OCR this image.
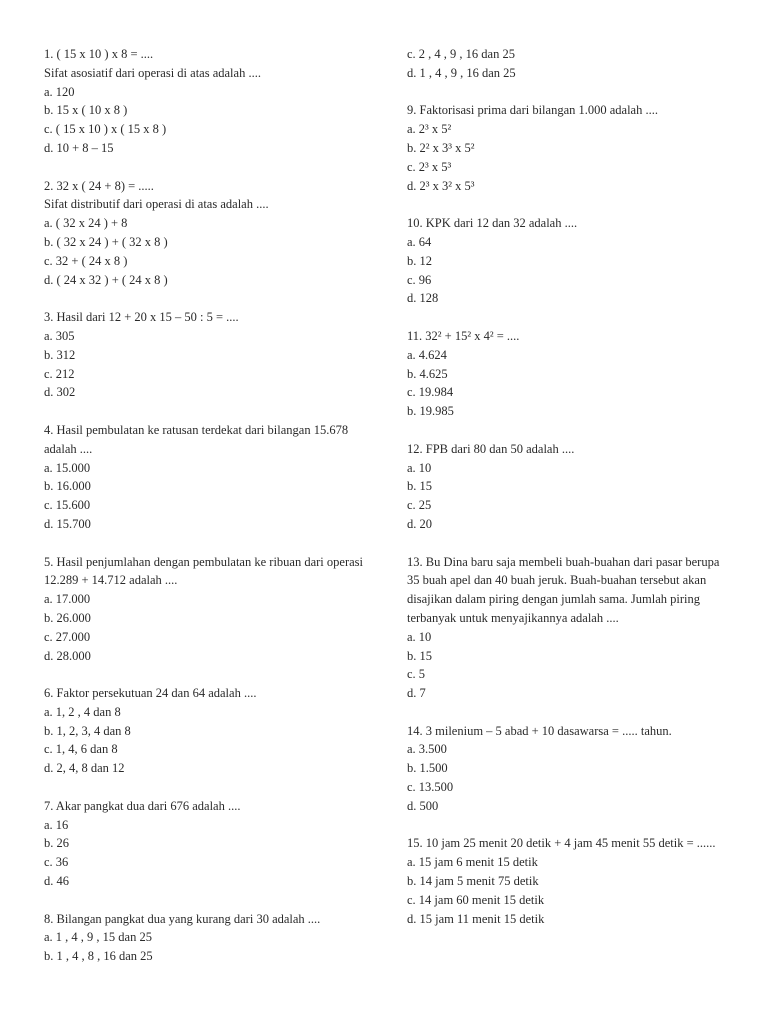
1. ( 15 x 10 ) x 8 = ....
Sifat asosiatif dari operasi di atas adalah ....
a. 120
b. 15 x ( 10 x 8 )
c. ( 15 x 10 ) x ( 15 x 8 )
d. 10 + 8 – 15
2. 32 x ( 24 + 8) = .....
Sifat distributif dari operasi di atas adalah ....
a. ( 32 x 24 ) + 8
b. ( 32 x 24 ) + ( 32 x 8 )
c. 32 + ( 24 x 8 )
d. ( 24 x 32 ) + ( 24 x 8 )
3. Hasil dari 12 + 20 x 15 – 50 : 5 = ....
a. 305
b. 312
c. 212
d. 302
4. Hasil pembulatan ke ratusan terdekat dari bilangan 15.678 adalah ....
a. 15.000
b. 16.000
c. 15.600
d. 15.700
5. Hasil penjumlahan dengan pembulatan ke ribuan dari operasi 12.289 + 14.712 adalah ....
a. 17.000
b. 26.000
c. 27.000
d. 28.000
6. Faktor persekutuan 24 dan 64 adalah ....
a. 1, 2 , 4 dan 8
b. 1, 2, 3, 4 dan 8
c. 1, 4, 6 dan 8
d. 2, 4, 8 dan 12
7. Akar pangkat dua dari 676 adalah ....
a. 16
b. 26
c. 36
d. 46
8. Bilangan pangkat dua yang kurang dari 30 adalah ....
a. 1 , 4 , 9 , 15 dan 25
b. 1 , 4 , 8 , 16 dan 25
c. 2 , 4 , 9 , 16 dan 25
d. 1 , 4 , 9 , 16 dan 25
9. Faktorisasi prima dari bilangan 1.000 adalah ....
a. 2³ x 5²
b. 2² x 3³ x 5²
c. 2³ x 5³
d. 2³ x 3² x 5³
10. KPK dari 12 dan 32 adalah ....
a. 64
b. 12
c. 96
d. 128
11. 32² + 15² x 4² = ....
a. 4.624
b. 4.625
c. 19.984
b. 19.985
12. FPB dari 80 dan 50 adalah ....
a. 10
b. 15
c. 25
d. 20
13. Bu Dina baru saja membeli buah-buahan dari pasar berupa 35 buah apel dan 40 buah jeruk. Buah-buahan tersebut akan disajikan dalam piring dengan jumlah sama. Jumlah piring terbanyak untuk menyajikannya adalah ....
a. 10
b. 15
c. 5
d. 7
14. 3 milenium – 5 abad + 10 dasawarsa = ..... tahun.
a. 3.500
b. 1.500
c. 13.500
d. 500
15. 10 jam 25 menit 20 detik + 4 jam 45 menit 55 detik = ......
a. 15 jam 6 menit 15 detik
b. 14 jam 5 menit 75 detik
c. 14 jam 60 menit 15 detik
d. 15 jam 11 menit 15 detik
